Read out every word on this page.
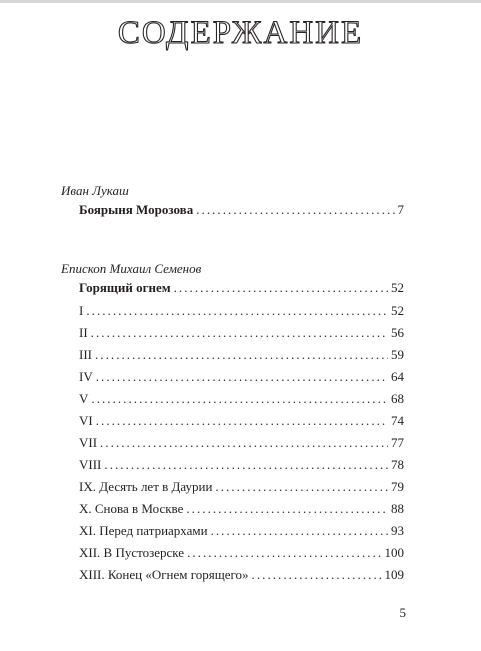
СОДЕРЖАНИЕ
Иван Лукаш
Боярыня Морозова . . .	7
Епископ Михаил Семенов
Горящий огнем . . .	52
I . . .	52
II . . .	56
III . . .	59
IV . . .	64
V . . .	68
VI . . .	74
VII . . .	77
VIII . . .	78
IX. Десять лет в Даурии . . .	79
X. Снова в Москве . . .	88
XI. Перед патриархами . . .	93
XII. В Пустозерске . . .	100
XIII. Конец «Огнем горящего» . . .	109
5
